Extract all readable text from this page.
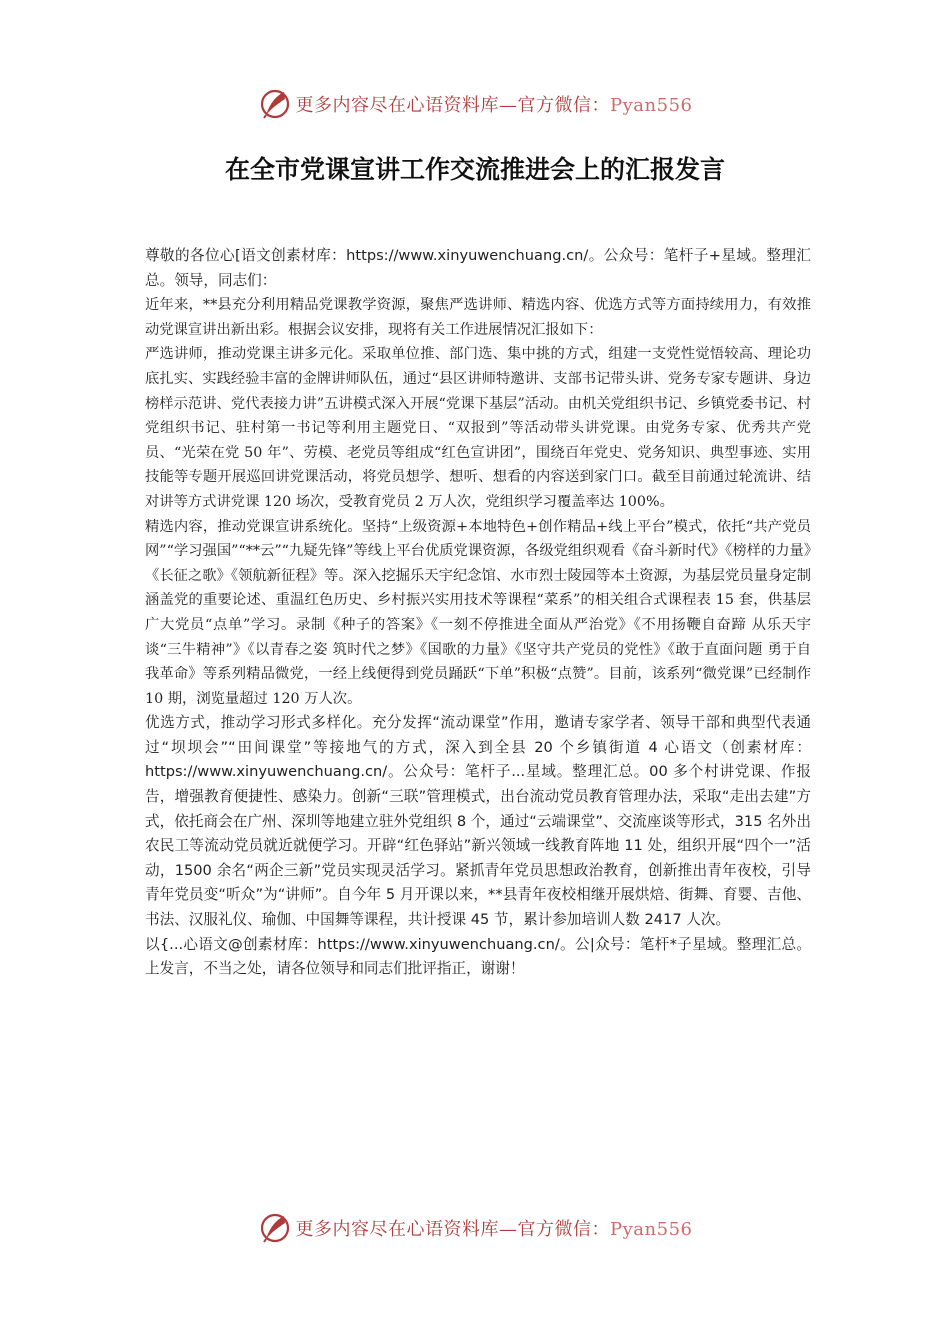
更多内容尽在心语资料库—官方微信：Pyan556
在全市党课宣讲工作交流推进会上的汇报发言

尊敬的各位心[语文创素材库：https://www.xinyuwenchuang.cn/。公众号：笔杆子+星域。整理汇总。领导，同志们：

近年来，**县充分利用精品党课教学资源，聚焦严选讲师、精选内容、优选方式等方面持续用力，有效推动党课宣讲出新出彩。根据会议安排，现将有关工作进展情况汇报如下：

严选讲师，推动党课主讲多元化。采取单位推、部门选、集中挑的方式，组建一支党性觉悟较高、理论功底扎实、实践经验丰富的金牌讲师队伍，通过“县区讲师特邀讲、支部书记带头讲、党务专家专题讲、身边榜样示范讲、党代表接力讲”五讲模式深入开展“党课下基层”活动。由机关党组织书记、乡镇党委书记、村党组织书记、驻村第一书记等利用主题党日、“双报到”等活动带头讲党课。由党务专家、优秀共产党员、“光荣在党 50 年”、劳模、老党员等组成“红色宣讲团”，围绕百年党史、党务知识、典型事迹、实用技能等专题开展巡回讲党课活动，将党员想学、想听、想看的内容送到家门口。截至目前通过轮流讲、结对讲等方式讲党课 120 场次，受教育党员 2 万人次，党组织学习覆盖率达 100%。

精选内容，推动党课宣讲系统化。坚持“上级资源+本地特色+创作精品+线上平台”模式，依托“共产党员网”“学习强国”“**云”“九疑先锋”等线上平台优质党课资源，各级党组织观看《奋斗新时代》《榜样的力量》《长征之歌》《领航新征程》等。深入挖掘乐天宇纪念馆、水市烈士陵园等本土资源，为基层党员量身定制涵盖党的重要论述、重温红色历史、乡村振兴实用技术等课程“菜系”的相关组合式课程表 15 套，供基层广大党员“点单”学习。录制《种子的答案》《一刻不停推进全面从严治党》《不用扬鞭自奋蹄 从乐天宇谈“三牛精神”》《以青春之姿 筑时代之梦》《国歌的力量》《坚守共产党员的党性》《敢于直面问题 勇于自我革命》等系列精品微党，一经上线便得到党员踊跃“下单”积极“点赞”。目前，该系列“微党课”已经制作 10 期，浏览量超过 120 万人次。

优选方式，推动学习形式多样化。充分发挥“流动课堂”作用，邀请专家学者、领导干部和典型代表通过“坝坝会”“田间课堂”等接地气的方式，深入到全县 20 个乡镇街道 4 心语文（创素材库：https://www.xinyuwenchuang.cn/。公众号：笔杆子...星域。整理汇总。00 多个村讲党课、作报告，增强教育便捷性、感染力。创新“三联”管理模式，出台流动党员教育管理办法，采取“走出去建”方式，依托商会在广州、深圳等地建立驻外党组织 8 个，通过“云端课堂”、交流座谈等形式，315 名外出农民工等流动党员就近就便学习。开辟“红色驿站”新兴领域一线教育阵地 11 处，组织开展“四个一”活动，1500 余名“两企三新”党员实现灵活学习。紧抓青年党员思想政治教育，创新推出青年夜校，引导青年党员变“听众”为“讲师”。自今年 5 月开课以来，**县青年夜校相继开展烘焙、街舞、育婴、吉他、书法、汉服礼仪、瑜伽、中国舞等课程，共计授课 45 节，累计参加培训人数 2417 人次。

以{...心语文@创素材库：https://www.xinyuwenchuang.cn/。公|众号：笔杆*子星域。整理汇总。上发言，不当之处，请各位领导和同志们批评指正，谢谢！

更多内容尽在心语资料库—官方微信：Pyan556
